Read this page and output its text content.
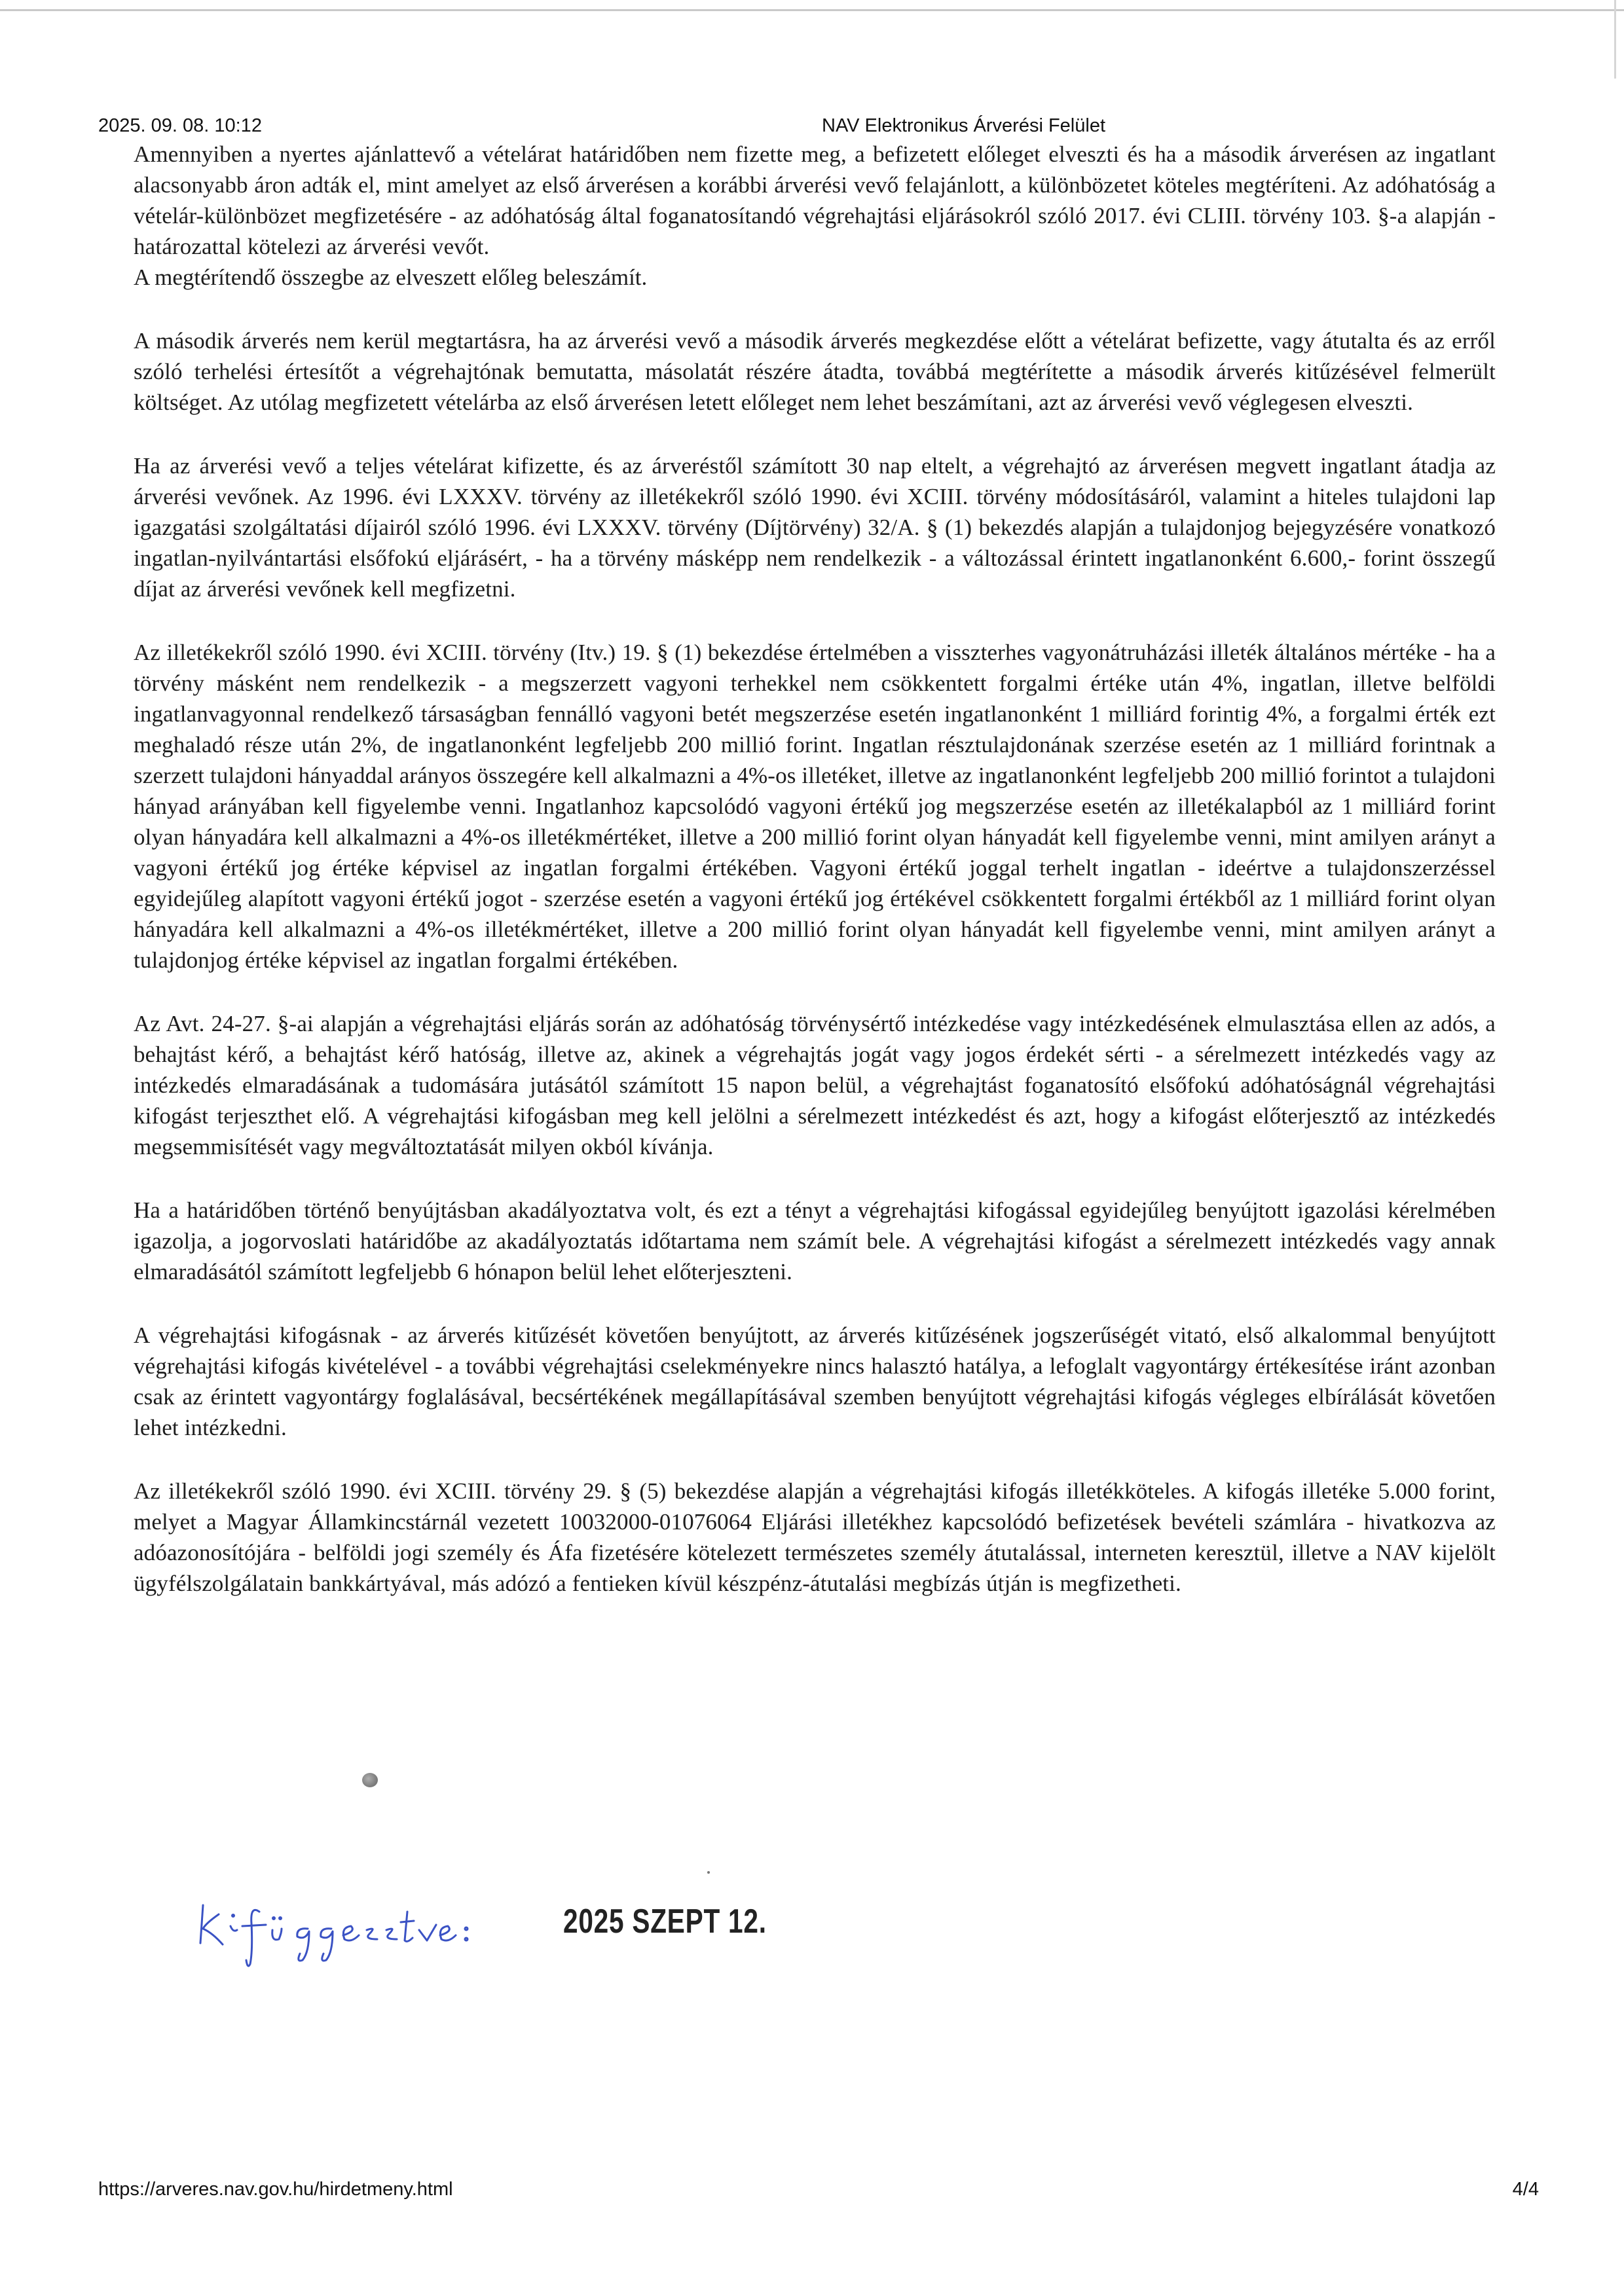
2025. 09. 08. 10:12	NAV Elektronikus Árverési Felület

Amennyiben a nyertes ajánlattevő a vételárat határidőben nem fizette meg, a befizetett előleget elveszti és ha a második árverésen az ingatlant alacsonyabb áron adták el, mint amelyet az első árverésen a korábbi árverési vevő felajánlott, a különbözetet köteles megtéríteni. Az adóhatóság a vételár-különbözet megfizetésére - az adóhatóság által foganatosítandó végrehajtási eljárásokról szóló 2017. évi CLIII. törvény 103. §-a alapján - határozattal kötelezi az árverési vevőt.

A megtérítendő összegbe az elveszett előleg beleszámít.

A második árverés nem kerül megtartásra, ha az árverési vevő a második árverés megkezdése előtt a vételárat befizette, vagy átutalta és az erről szóló terhelési értesítőt a végrehajtónak bemutatta, másolatát részére átadta, továbbá megtérítette a második árverés kitűzésével felmerült költséget. Az utólag megfizetett vételárba az első árverésen letett előleget nem lehet beszámítani, azt az árverési vevő véglegesen elveszti.

Ha az árverési vevő a teljes vételárat kifizette, és az árveréstől számított 30 nap eltelt, a végrehajtó az árverésen megvett ingatlant átadja az árverési vevőnek. Az 1996. évi LXXXV. törvény az illetékekről szóló 1990. évi XCIII. törvény módosításáról, valamint a hiteles tulajdoni lap igazgatási szolgáltatási díjairól szóló 1996. évi LXXXV. törvény (Díjtörvény) 32/A. § (1) bekezdés alapján a tulajdonjog bejegyzésére vonatkozó ingatlan-nyilvántartási elsőfokú eljárásért, - ha a törvény másképp nem rendelkezik - a változással érintett ingatlanonként 6.600,- forint összegű díjat az árverési vevőnek kell megfizetni.

Az illetékekről szóló 1990. évi XCIII. törvény (Itv.) 19. § (1) bekezdése értelmében a visszterhes vagyonátruházási illeték általános mértéke - ha a törvény másként nem rendelkezik - a megszerzett vagyoni terhekkel nem csökkentett forgalmi értéke után 4%, ingatlan, illetve belföldi ingatlanvagyonnal rendelkező társaságban fennálló vagyoni betét megszerzése esetén ingatlanonként 1 milliárd forintig 4%, a forgalmi érték ezt meghaladó része után 2%, de ingatlanonként legfeljebb 200 millió forint. Ingatlan résztulajdonának szerzése esetén az 1 milliárd forintnak a szerzett tulajdoni hányaddal arányos összegére kell alkalmazni a 4%-os illetéket, illetve az ingatlanonként legfeljebb 200 millió forintot a tulajdoni hányad arányában kell figyelembe venni. Ingatlanhoz kapcsolódó vagyoni értékű jog megszerzése esetén az illetékalapból az 1 milliárd forint olyan hányadára kell alkalmazni a 4%-os illetékmértéket, illetve a 200 millió forint olyan hányadát kell figyelembe venni, mint amilyen arányt a vagyoni értékű jog értéke képvisel az ingatlan forgalmi értékében. Vagyoni értékű joggal terhelt ingatlan - ideértve a tulajdonszerzéssel egyidejűleg alapított vagyoni értékű jogot - szerzése esetén a vagyoni értékű jog értékével csökkentett forgalmi értékből az 1 milliárd forint olyan hányadára kell alkalmazni a 4%-os illetékmértéket, illetve a 200 millió forint olyan hányadát kell figyelembe venni, mint amilyen arányt a tulajdonjog értéke képvisel az ingatlan forgalmi értékében.

Az Avt. 24-27. §-ai alapján a végrehajtási eljárás során az adóhatóság törvénysértő intézkedése vagy intézkedésének elmulasztása ellen az adós, a behajtást kérő, a behajtást kérő hatóság, illetve az, akinek a végrehajtás jogát vagy jogos érdekét sérti - a sérelmezett intézkedés vagy az intézkedés elmaradásának a tudomására jutásától számított 15 napon belül, a végrehajtást foganatosító elsőfokú adóhatóságnál végrehajtási kifogást terjeszthet elő. A végrehajtási kifogásban meg kell jelölni a sérelmezett intézkedést és azt, hogy a kifogást előterjesztő az intézkedés megsemmisítését vagy megváltoztatását milyen okból kívánja.

Ha a határidőben történő benyújtásban akadályoztatva volt, és ezt a tényt a végrehajtási kifogással egyidejűleg benyújtott igazolási kérelmében igazolja, a jogorvoslati határidőbe az akadályoztatás időtartama nem számít bele. A végrehajtási kifogást a sérelmezett intézkedés vagy annak elmaradásától számított legfeljebb 6 hónapon belül lehet előterjeszteni.

A végrehajtási kifogásnak - az árverés kitűzését követően benyújtott, az árverés kitűzésének jogszerűségét vitató, első alkalommal benyújtott végrehajtási kifogás kivételével - a további végrehajtási cselekményekre nincs halasztó hatálya, a lefoglalt vagyontárgy értékesítése iránt azonban csak az érintett vagyontárgy foglalásával, becsértékének megállapításával szemben benyújtott végrehajtási kifogás végleges elbírálását követően lehet intézkedni.

Az illetékekről szóló 1990. évi XCIII. törvény 29. § (5) bekezdése alapján a végrehajtási kifogás illetékköteles. A kifogás illetéke 5.000 forint, melyet a Magyar Államkincstárnál vezetett 10032000-01076064 Eljárási illetékhez kapcsolódó befizetések bevételi számlára - hivatkozva az adóazonosítójára - belföldi jogi személy és Áfa fizetésére kötelezett természetes személy átutalással, interneten keresztül, illetve a NAV kijelölt ügyfélszolgálatain bankkártyával, más adózó a fentieken kívül készpénz-átutalási megbízás útján is megfizetheti.

2025 SZEPT 12.
https://arveres.nav.gov.hu/hirdetmeny.html	4/4
